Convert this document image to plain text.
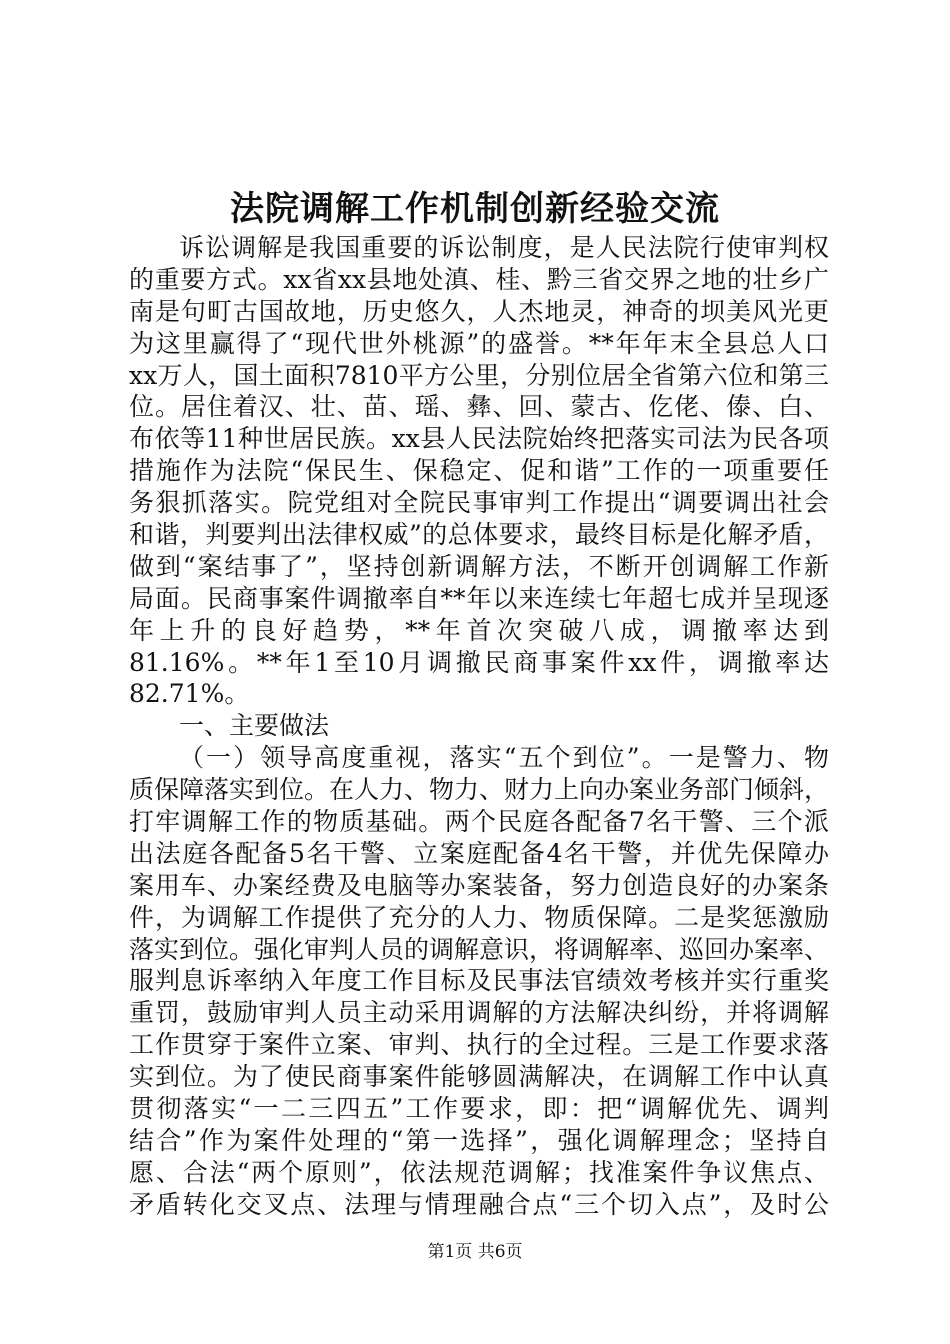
法院调解工作机制创新经验交流
诉讼调解是我国重要的诉讼制度，是人民法院行使审判权
的重要方式。xx省xx县地处滇、桂、黔三省交界之地的壮乡广
南是句町古国故地，历史悠久，人杰地灵，神奇的坝美风光更
为这里赢得了“现代世外桃源”的盛誉。**年年末全县总人口
xx万人，国土面积7810平方公里，分别位居全省第六位和第三
位。居住着汉、壮、苗、瑶、彝、回、蒙古、仡佬、傣、白、
布依等11种世居民族。xx县人民法院始终把落实司法为民各项
措施作为法院“保民生、保稳定、促和谐”工作的一项重要任
务狠抓落实。院党组对全院民事审判工作提出“调要调出社会
和谐，判要判出法律权威”的总体要求，最终目标是化解矛盾，
做到“案结事了”，坚持创新调解方法，不断开创调解工作新
局面。民商事案件调撤率自**年以来连续七年超七成并呈现逐
年上升的良好趋势，**年首次突破八成，调撤率达到
81.16%。**年1至10月调撤民商事案件xx件，调撤率达
82.71%。
一、主要做法
（一）领导高度重视，落实“五个到位”。一是警力、物
质保障落实到位。在人力、物力、财力上向办案业务部门倾斜，
打牢调解工作的物质基础。两个民庭各配备7名干警、三个派
出法庭各配备5名干警、立案庭配备4名干警，并优先保障办
案用车、办案经费及电脑等办案装备，努力创造良好的办案条
件，为调解工作提供了充分的人力、物质保障。二是奖惩激励
落实到位。强化审判人员的调解意识，将调解率、巡回办案率、
服判息诉率纳入年度工作目标及民事法官绩效考核并实行重奖
重罚，鼓励审判人员主动采用调解的方法解决纠纷，并将调解
工作贯穿于案件立案、审判、执行的全过程。三是工作要求落
实到位。为了使民商事案件能够圆满解决，在调解工作中认真
贯彻落实“一二三四五”工作要求，即：把“调解优先、调判
结合”作为案件处理的“第一选择”，强化调解理念；坚持自
愿、合法“两个原则”，依法规范调解；找准案件争议焦点、
矛盾转化交叉点、法理与情理融合点“三个切入点”，及时公
第1页 共6页
